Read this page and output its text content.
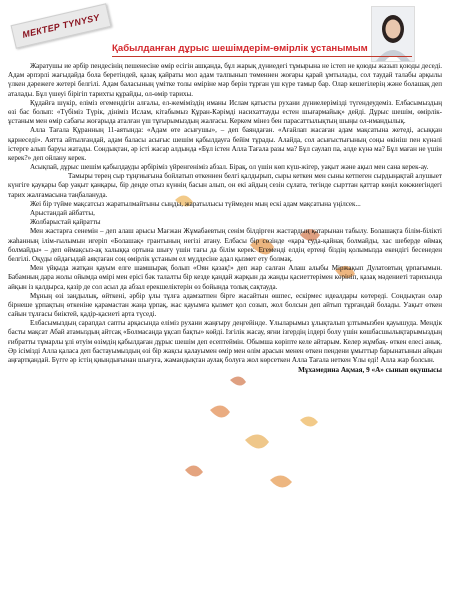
МЕКТЕР ТYNYSY
Қабылданған дұрыс шешімдерім-өмірлік ұстанымым

Жаратушы ие әрбір пендесінің пешенесіне өмір есігін ашқанда, бұл жарық дүниедегі тұмырына не істеп не қоюды жазып қоюды деседі. Адам әрпэрлі жағыдайда бола беретіндей, қазақ қайраты мол адам талпынып төменнен жоғары қарай ұмтылады, сол таудай талабы арқылы үлкен дәрежеге жетері белгілі. Адам баласының үмітке толы өміріне мәр берін тұрған үш күре тамыр бар. Олар кешегілерің және болашақ деп аталады. Бұл үшеуі бірігіп тарихты құрайды, ол-өмір тарихы.

Құдайға шүкір, еліміз егемендігін алғалы, ел-жеміміздің иманы Ислам қатысты рухани дүниелерімізді түгендеудеміз. Елбасымыздың өзі бас болып: «Түбіміз Түрік, дініміз Ислам, кітабымыз Құран-Кәрімді насихаттауды естен шығармайық» дейді. Дұрыс шешім, өмірлік-ұстаным мен өмір сабағы жоғарыда аталған үш тұғырымыздың жалғасы. Керкем мінез бен парасаттылықтың шыңы ол-имандылық.

Алла Тағала Құранның 11-аятында: «Адам өте асығушы», – деп баяндаған. «Ағайлап жасаған адам мақсатына жетеді, асыққан қарнеседі». Аятта айтылғандай, адам баласы асығыс шешім қабылдауға бейім тұрады. Алайда, сол асығыстығының соңы өкініш пен күнәлі істерге алып баруы жатады. Сондықтан, әр істі жасар алдында «Бұл істен Алла Тағала разы ма? Бұл саулап па, әлде күнә ма? Бұл маған не үшін керек?» деп ойлану керек.

Асықпай, дұрыс шешім қабылдауды әрбіріміз үйренгеніміз абзал. Бірақ, ол үшін көп күш-жігер, уақыт және ақыл мен сана керек-ау.

Тамыры терең сыр тұңғиығына бойлатып өткеннен белгі қалдырып, сыры кеткен мен сыны кетпеген сырдыңақтай алушыет күнгіге қауқары бар уақыт қанқары, бір деңде отыз күннің басын алып, он екі айдың сезін сұлата, тегінде сырттан қаттар көңіл көкжиегіндегі тарих жалғамасына таңбалануда.

Жеі бір түйме мақсатсыз жаратылмайтыны сыңды, жаратылысы түймеден мың ескі адам мақсатына үңілсек...

Арыстандай айбатты,

Жолбарыстай қайратты

Мен жастарға сенемін – деп алаш арысы Мағжан Жұмабаевтың сенім білдірген жастардың қатарынан табылу. Болашақта білім-білікті жаһанның ілім-ғылымын игеріп «Болашақ» грантының негізі атану. Елбасы бір сөзінде «қара суда-қайнақ болмайды, хас шеберде өймақ болмайды» – деп өймақсыз-ақ халыққа ортына шығу үшін тағы да білім керек. Егеменді елдің ертеңі біздің қолымызда екендігі бесенеден белгілі. Оқуды ойдағыдай аяқтаған соң өмірлік ұстаным ел мүддесіне адал қызмет ету болмақ.

Мен үйқыда жатқан қауым елге шамшырақ болып «Оян қазақ!» деп жар салған Алаш алыбы Міржақып Дулатовтың ұрпағымын. Бабамның дара жолы ойымда өмірі мен ерісі бәк талалты бір кезде қандай жарқын да жанды қасиеттерімен көрініп, қазақ мәдениеті тарихында айқын із қалдырса, қазір де сол асыл да абзал ерекшеліктерін өз бойында толық сақтауда.

Мұның өзі заңдылық, өйткені, әрбір ұлы тұлға адамзатпен бірге жасайтын өшпес, ескірмес идеалдары көтереді. Сондықтан олар бірнеше ұрпақтың өткеніне қарамастан жаңа ұрпақ, жас қауымға қызмет қол созып, жол болсын деп айтып тұрғандай болады. Уақыт өткен сайын тұлғасы биіктей, қадір-қасиеті арта түседі.

Елбасымыздың сарапдал сапты арқасында еліміз рухани жаңғыру деңгейінде. Ұлыларымыз ұлықталып ұлтымызбен қауышуда. Мендік басты мақсат Абай атамыздың айтсақ «Болмасаңда ұқсап бақты» көйді. Ізгілік жасау, яғни ізгердің ілдері болу үшін көшбасшылықтарымыздың ғибратты тұмарлы ұлі өтуім өзімдің қабылдаған дұрыс шешім деп есептеймін. Обымша көріпте келе айтарым. Келер жұмбақ- өткен елесі анық. Әр ісімізді Алла қаласа деп бастауымыздың өзі бір жақсы қалауымен өмір мен өлім арасын менен өткен пендени ұмыттыр барынатынын айқын аңғартқандай. Бүгге әр істің қиындығынан шығуға, жамандықтан аулақ болуға жол көрсеткен Алла Тағала неткен Ұлы еді! Алла жар болсын.

Мұхамедина Ақмая, 9 «А» сынып оқушысы
